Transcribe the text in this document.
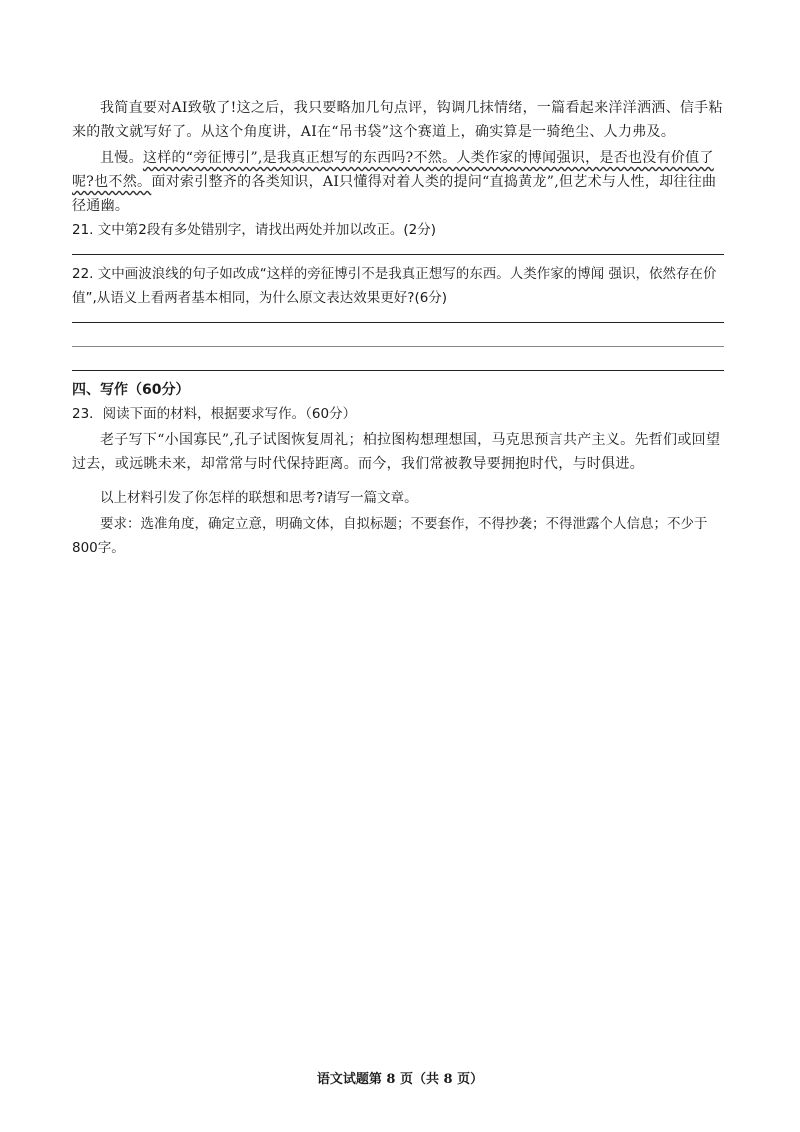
我简直要对AI致敬了!这之后，我只要略加几句点评，钩调几抹情绪，一篇看起来洋洋洒洒、信手粘来的散文就写好了。从这个角度讲，AI在“吊书袋”这个赛道上，确实算是一骑绝尘、人力弗及。

且慢。这样的“旁征博引”,是我真正想写的东西吗?不然。人类作家的博闻强识，是否也没有价值了呢?也不然。面对索引整齐的各类知识，AI只懂得对着人类的提问“直捣黄龙”,但艺术与人性，却往往曲径通幽。

21. 文中第2段有多处错别字，请找出两处并加以改正。(2分)

22. 文中画波浪线的句子如改成“这样的旁征博引不是我真正想写的东西。人类作家的博闻 强识，依然存在价值”,从语义上看两者基本相同，为什么原文表达效果更好?(6分)

四、写作（60分）

23．阅读下面的材料，根据要求写作。（60分）

老子写下“小国寡民”,孔子试图恢复周礼；柏拉图构想理想国，马克思预言共产主义。先哲们或回望过去，或远眺未来，却常常与时代保持距离。而今，我们常被教导要拥抱时代，与时俱进。

以上材料引发了你怎样的联想和思考?请写一篇文章。

要求：选准角度，确定立意，明确文体，自拟标题；不要套作，不得抄袭；不得泄露个人信息；不少于 800字。

语文试题第 8 页（共 8 页）
